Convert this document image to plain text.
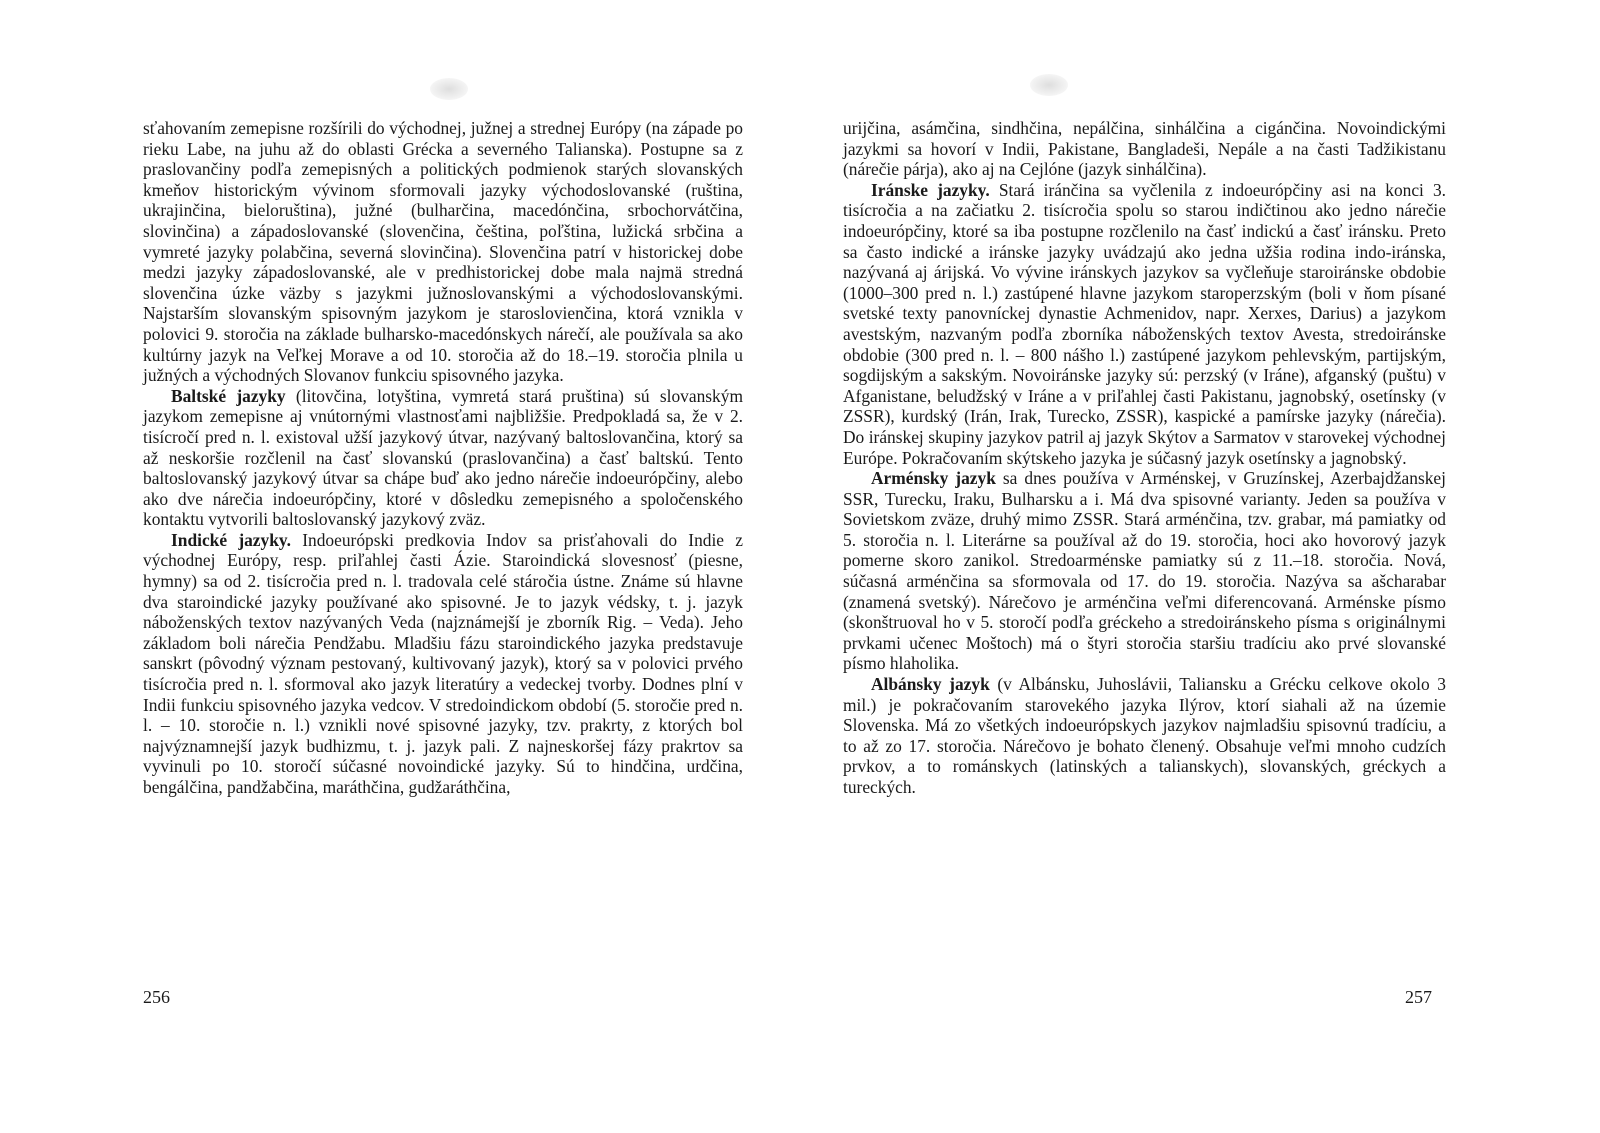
sťahovaním zemepisne rozšírili do východnej, južnej a strednej Európy (na západe po rieku Labe, na juhu až do oblasti Grécka a severného Talianska). Postupne sa z praslovančiny podľa zemepisných a politických podmienok starých slovanských kmeňov historickým vývinom sformovali jazyky východoslovanské (ruština, ukrajinčina, bieloruština), južné (bulharčina, macedónčina, srbochorvátčina, slovinčina) a západoslovanské (slovenčina, čeština, poľština, lužická srbčina a vymreté jazyky polabčina, severná slovinčina). Slovenčina patrí v historickej dobe medzi jazyky západoslovanské, ale v predhistorickej dobe mala najmä stredná slovenčina úzke väzby s jazykmi južnoslovanskými a východoslovanskými. Najstarším slovanským spisovným jazykom je staroslovienčina, ktorá vznikla v polovici 9. storočia na základe bulharsko-macedónskych nárečí, ale používala sa ako kultúrny jazyk na Veľkej Morave a od 10. storočia až do 18.–19. storočia plnila u južných a východných Slovanov funkciu spisovného jazyka.

Baltské jazyky (litovčina, lotyština, vymretá stará pruština) sú slovanským jazykom zemepisne aj vnútornými vlastnosťami najbližšie. Predpokladá sa, že v 2. tisícročí pred n. l. existoval užší jazykový útvar, nazývaný baltoslovančina, ktorý sa až neskoršie rozčlenil na časť slovanskú (praslovančina) a časť baltskú. Tento baltoslovanský jazykový útvar sa chápe buď ako jedno nárečie indoeurópčiny, alebo ako dve nárečia indoeurópčiny, ktoré v dôsledku zemepisného a spoločenského kontaktu vytvorili baltoslovanský jazykový zväz.

Indické jazyky. Indoeurópski predkovia Indov sa prisťahovali do Indie z východnej Európy, resp. priľahlej časti Ázie. Staroindická slovesnosť (piesne, hymny) sa od 2. tisícročia pred n. l. tradovala celé stáročia ústne. Známe sú hlavne dva staroindické jazyky používané ako spisovné. Je to jazyk védsky, t. j. jazyk náboženských textov nazývaných Veda (najznámejší je zborník Rig. – Veda). Jeho základom boli nárečia Pendžabu. Mladšiu fázu staroindického jazyka predstavuje sanskrt (pôvodný význam pestovaný, kultivovaný jazyk), ktorý sa v polovici prvého tisícročia pred n. l. sformoval ako jazyk literatúry a vedeckej tvorby. Dodnes plní v Indii funkciu spisovného jazyka vedcov. V stredoindickom období (5. storočie pred n. l. – 10. storočie n. l.) vznikli nové spisovné jazyky, tzv. prakrty, z ktorých bol najvýznamnejší jazyk budhizmu, t. j. jazyk pali. Z najneskoršej fázy prakrtov sa vyvinuli po 10. storočí súčasné novoindické jazyky. Sú to hindčina, urdčina, bengálčina, pandžabčina, maráthčina, gudžaráthčina,

urijčina, asámčina, sindhčina, nepálčina, sinhálčina a cigánčina. Novoindickými jazykmi sa hovorí v Indii, Pakistane, Bangladeši, Nepále a na časti Tadžikistanu (nárečie párja), ako aj na Cejlóne (jazyk sinhálčina).

Iránske jazyky. Stará iránčina sa vyčlenila z indoeurópčiny asi na konci 3. tisícročia a na začiatku 2. tisícročia spolu so starou indičtinou ako jedno nárečie indoeurópčiny, ktoré sa iba postupne rozčlenilo na časť indickú a časť iránsku. Preto sa často indické a iránske jazyky uvádzajú ako jedna užšia rodina indo-iránska, nazývaná aj árijská. Vo vývine iránskych jazykov sa vyčleňuje staroiránske obdobie (1000–300 pred n. l.) zastúpené hlavne jazykom staroperzským (boli v ňom písané svetské texty panovníckej dynastie Achmenidov, napr. Xerxes, Darius) a jazykom avestským, nazvaným podľa zborníka náboženských textov Avesta, stredoiránske obdobie (300 pred n. l. – 800 nášho l.) zastúpené jazykom pehlevským, partijským, sogdijským a sakským. Novoiránske jazyky sú: perzský (v Iráne), afganský (puštu) v Afganistane, beludžský v Iráne a v priľahlej časti Pakistanu, jagnobský, osetínsky (v ZSSR), kurdský (Irán, Irak, Turecko, ZSSR), kaspické a pamírske jazyky (nárečia). Do iránskej skupiny jazykov patril aj jazyk Skýtov a Sarmatov v starovekej východnej Európe. Pokračovaním skýtskeho jazyka je súčasný jazyk osetínsky a jagnobský.

Arménsky jazyk sa dnes používa v Arménskej, v Gruzínskej, Azerbajdžanskej SSR, Turecku, Iraku, Bulharsku a i. Má dva spisovné varianty. Jeden sa používa v Sovietskom zväze, druhý mimo ZSSR. Stará arménčina, tzv. grabar, má pamiatky od 5. storočia n. l. Literárne sa používal až do 19. storočia, hoci ako hovorový jazyk pomerne skoro zanikol. Stredoarménske pamiatky sú z 11.–18. storočia. Nová, súčasná arménčina sa sformovala od 17. do 19. storočia. Nazýva sa ašcharabar (znamená svetský). Nárečovo je arménčina veľmi diferencovaná. Arménske písmo (skonštruoval ho v 5. storočí podľa gréckeho a stredoiránskeho písma s originálnymi prvkami učenec Moštoch) má o štyri storočia staršiu tradíciu ako prvé slovanské písmo hlaholika.

Albánsky jazyk (v Albánsku, Juhoslávii, Taliansku a Grécku celkove okolo 3 mil.) je pokračovaním starovekého jazyka Ilýrov, ktorí siahali až na územie Slovenska. Má zo všetkých indoeurópskych jazykov najmladšiu spisovnú tradíciu, a to až zo 17. storočia. Nárečovo je bohato členený. Obsahuje veľmi mnoho cudzích prvkov, a to románskych (latinských a talianskych), slovanských, gréckych a tureckých.

256	257
